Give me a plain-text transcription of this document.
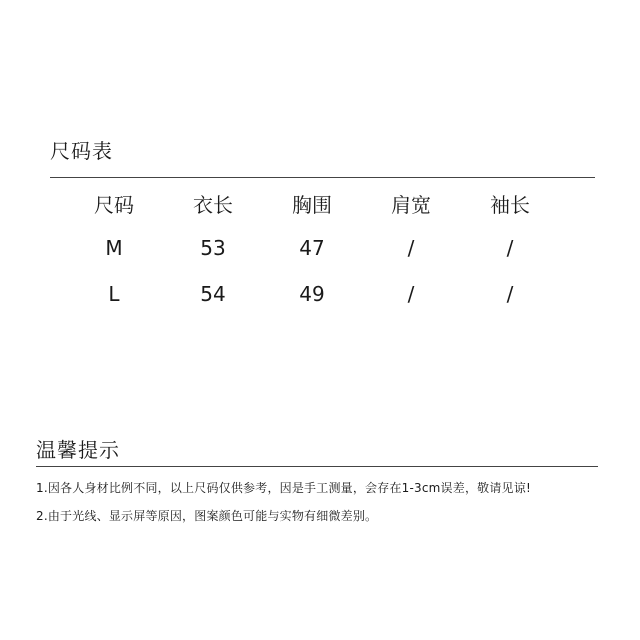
尺码表
尺码	衣长	胸围	肩宽	袖长
M	53	47	/	/
L	54	49	/	/
温馨提示
1.因各人身材比例不同，以上尺码仅供参考，因是手工测量，会存在1-3cm误差，敬请见谅!
2.由于光线、显示屏等原因，图案颜色可能与实物有细微差别。
